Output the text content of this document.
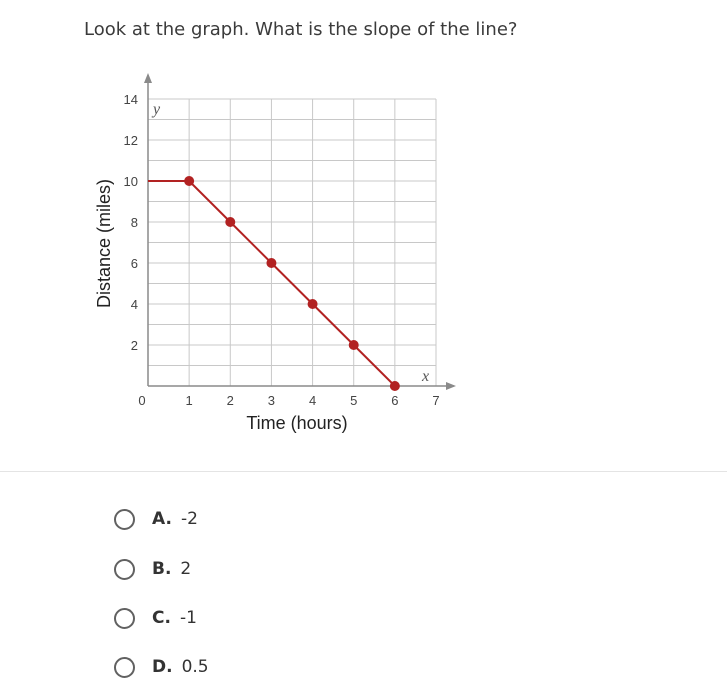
Look at the graph. What is the slope of the line?
0	1	2	3	4	5	6	7
2
4
6
8
10
12
14
y
x
Time (hours)
Distance (miles)
A. -2
B. 2
C. -1
D. 0.5
